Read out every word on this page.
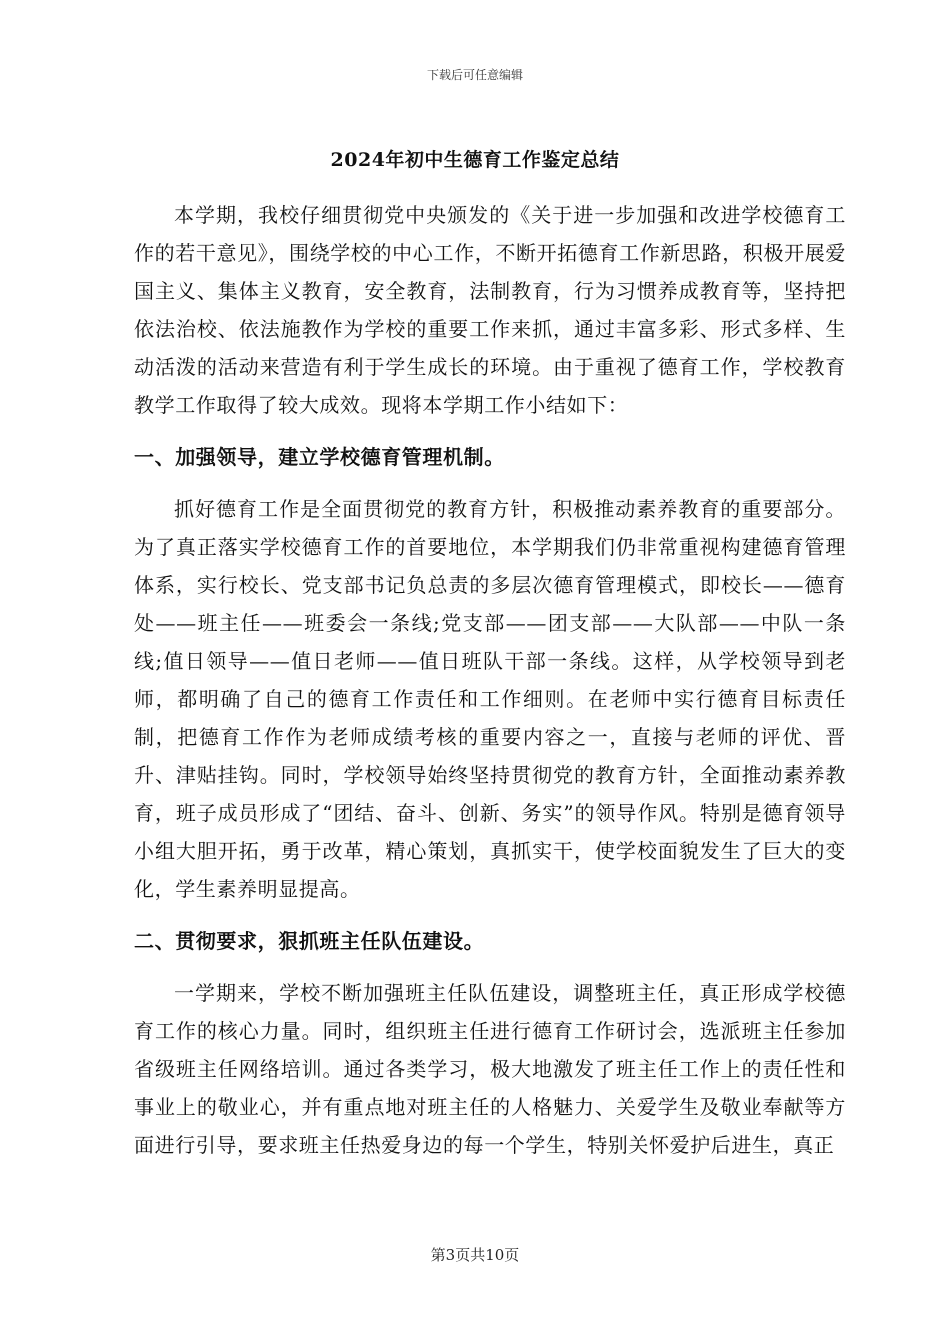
下载后可任意编辑
2024年初中生德育工作鉴定总结

本学期，我校仔细贯彻党中央颁发的《关于进一步加强和改进学校德育工作的若干意见》，围绕学校的中心工作，不断开拓德育工作新思路，积极开展爱国主义、集体主义教育，安全教育，法制教育，行为习惯养成教育等，坚持把依法治校、依法施教作为学校的重要工作来抓，通过丰富多彩、形式多样、生动活泼的活动来营造有利于学生成长的环境。由于重视了德育工作，学校教育教学工作取得了较大成效。现将本学期工作小结如下：

一、加强领导，建立学校德育管理机制。

抓好德育工作是全面贯彻党的教育方针，积极推动素养教育的重要部分。为了真正落实学校德育工作的首要地位，本学期我们仍非常重视构建德育管理体系，实行校长、党支部书记负总责的多层次德育管理模式，即校长——德育处——班主任——班委会一条线;党支部——团支部——大队部——中队一条线;值日领导——值日老师——值日班队干部一条线。这样，从学校领导到老师，都明确了自己的德育工作责任和工作细则。在老师中实行德育目标责任制，把德育工作作为老师成绩考核的重要内容之一，直接与老师的评优、晋升、津贴挂钩。同时，学校领导始终坚持贯彻党的教育方针，全面推动素养教育，班子成员形成了“团结、奋斗、创新、务实”的领导作风。特别是德育领导小组大胆开拓，勇于改革，精心策划，真抓实干，使学校面貌发生了巨大的变化，学生素养明显提高。

二、贯彻要求，狠抓班主任队伍建设。

一学期来，学校不断加强班主任队伍建设，调整班主任，真正形成学校德育工作的核心力量。同时，组织班主任进行德育工作研讨会，选派班主任参加省级班主任网络培训。通过各类学习，极大地激发了班主任工作上的责任性和事业上的敬业心，并有重点地对班主任的人格魅力、关爱学生及敬业奉献等方面进行引导，要求班主任热爱身边的每一个学生，特别关怀爱护后进生，真正

第3页共10页
